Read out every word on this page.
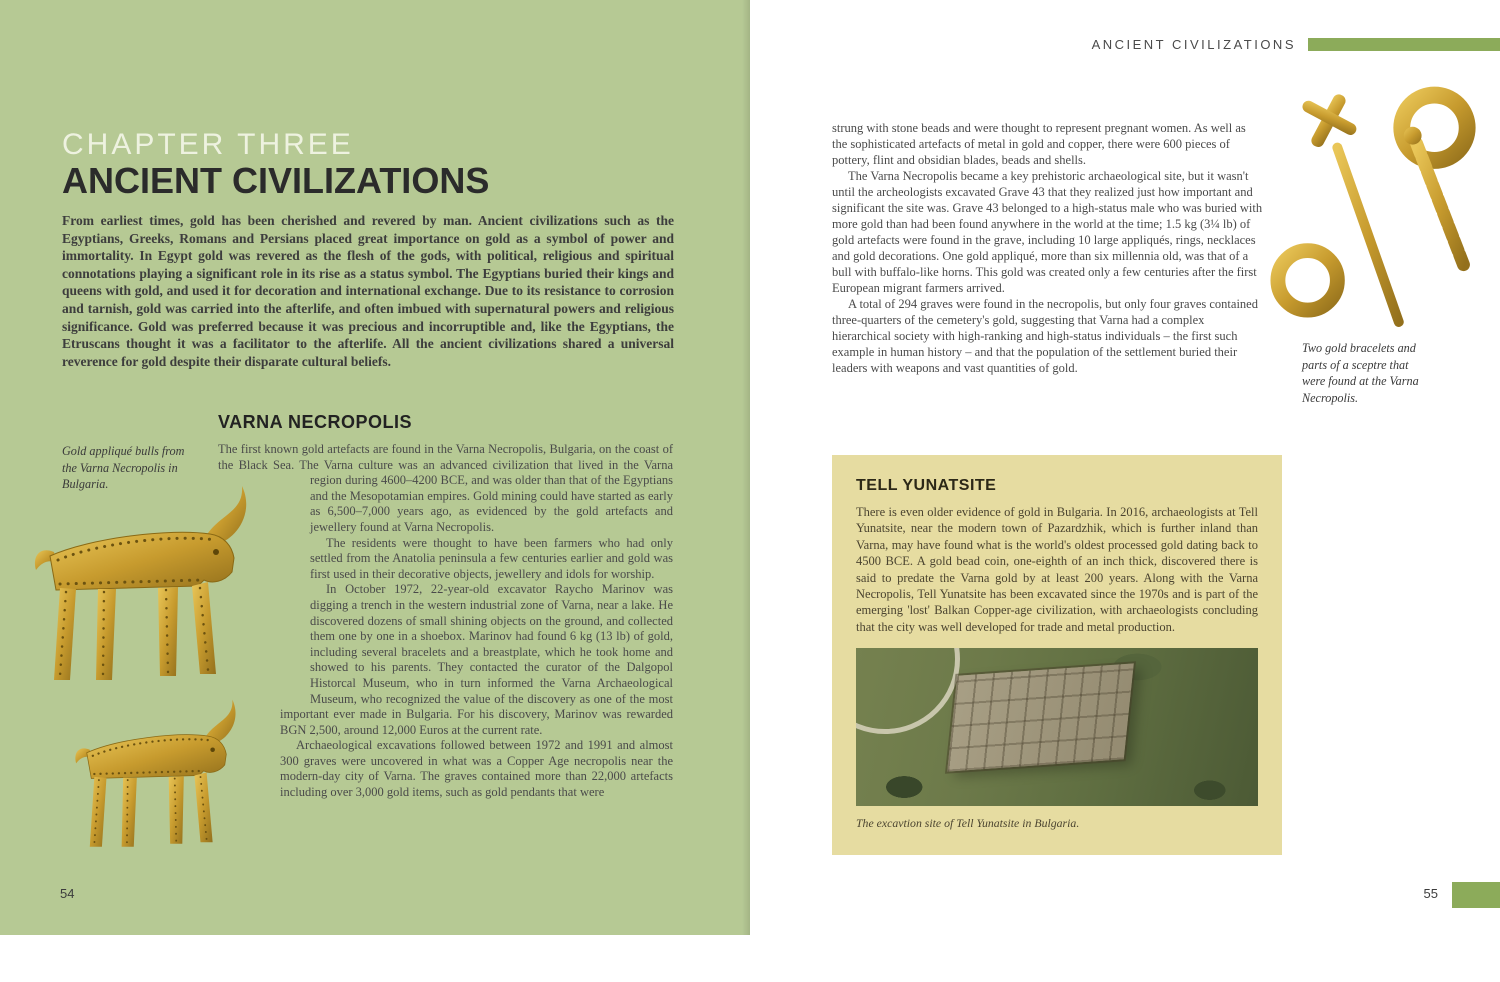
CHAPTER THREE
ANCIENT CIVILIZATIONS

From earliest times, gold has been cherished and revered by man. Ancient civilizations such as the Egyptians, Greeks, Romans and Persians placed great importance on gold as a symbol of power and immortality. In Egypt gold was revered as the flesh of the gods, with political, religious and spiritual connotations playing a significant role in its rise as a status symbol. The Egyptians buried their kings and queens with gold, and used it for decoration and international exchange. Due to its resistance to corrosion and tarnish, gold was carried into the afterlife, and often imbued with supernatural powers and religious significance. Gold was preferred because it was precious and incorruptible and, like the Egyptians, the Etruscans thought it was a facilitator to the afterlife. All the ancient civilizations shared a universal reverence for gold despite their disparate cultural beliefs.

Gold appliqué bulls from the Varna Necropolis in Bulgaria.
VARNA NECROPOLIS

The first known gold artefacts are found in the Varna Necropolis, Bulgaria, on the coast of the Black Sea. The Varna culture was an advanced civilization that lived in the Varna region during 4600–4200 BCE, and was older than that of the Egyptians and the Mesopotamian empires. Gold mining could have started as early as 6,500–7,000 years ago, as evidenced by the gold artefacts and jewellery found at Varna Necropolis.

The residents were thought to have been farmers who had only settled from the Anatolia peninsula a few centuries earlier and gold was first used in their decorative objects, jewellery and idols for worship.

In October 1972, 22-year-old excavator Raycho Marinov was digging a trench in the western industrial zone of Varna, near a lake. He discovered dozens of small shining objects on the ground, and collected them one by one in a shoebox. Marinov had found 6 kg (13 lb) of gold, including several bracelets and a breastplate, which he took home and showed to his parents. They contacted the curator of the Dalgopol Historcal Museum, who in turn informed the Varna Archaeological Museum, who recognized the value of the discovery as one of the most important ever made in Bulgaria. For his discovery, Marinov was rewarded BGN 2,500, around 12,000 Euros at the current rate.

Archaeological excavations followed between 1972 and 1991 and almost 300 graves were uncovered in what was a Copper Age necropolis near the modern-day city of Varna. The graves contained more than 22,000 artefacts including over 3,000 gold items, such as gold pendants that were

54
ANCIENT CIVILIZATIONS

strung with stone beads and were thought to represent pregnant women. As well as the sophisticated artefacts of metal in gold and copper, there were 600 pieces of pottery, flint and obsidian blades, beads and shells.

The Varna Necropolis became a key prehistoric archaeological site, but it wasn't until the archeologists excavated Grave 43 that they realized just how important and significant the site was. Grave 43 belonged to a high-status male who was buried with more gold than had been found anywhere in the world at the time; 1.5 kg (3¼ lb) of gold artefacts were found in the grave, including 10 large appliqués, rings, necklaces and gold decorations. One gold appliqué, more than six millennia old, was that of a bull with buffalo-like horns. This gold was created only a few centuries after the first European migrant farmers arrived.

A total of 294 graves were found in the necropolis, but only four graves contained three-quarters of the cemetery's gold, suggesting that Varna had a complex hierarchical society with high-ranking and high-status individuals – the first such example in human history – and that the population of the settlement buried their leaders with weapons and vast quantities of gold.

Two gold bracelets and parts of a sceptre that were found at the Varna Necropolis.
TELL YUNATSITE

There is even older evidence of gold in Bulgaria. In 2016, archaeologists at Tell Yunatsite, near the modern town of Pazardzhik, which is further inland than Varna, may have found what is the world's oldest processed gold dating back to 4500 BCE. A gold bead coin, one-eighth of an inch thick, discovered there is said to predate the Varna gold by at least 200 years. Along with the Varna Necropolis, Tell Yunatsite has been excavated since the 1970s and is part of the emerging 'lost' Balkan Copper-age civilization, with archaeologists concluding that the city was well developed for trade and metal production.

The excavtion site of Tell Yunatsite in Bulgaria.
55
